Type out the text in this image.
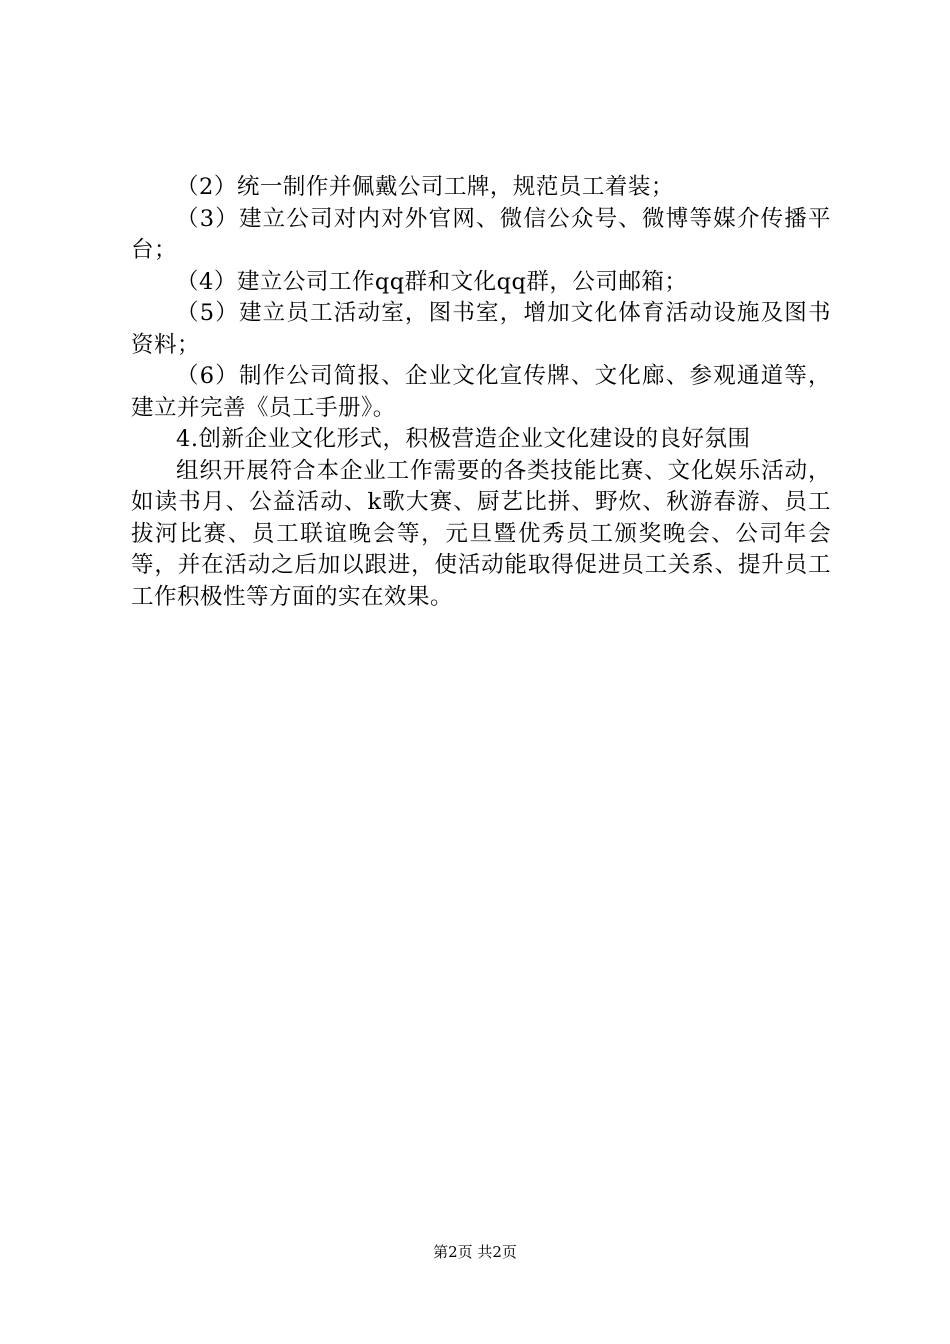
（2）统一制作并佩戴公司工牌，规范员工着装；

（3）建立公司对内对外官网、微信公众号、微博等媒介传播平台；

（4）建立公司工作qq群和文化qq群，公司邮箱；

（5）建立员工活动室，图书室，增加文化体育活动设施及图书资料；

（6）制作公司简报、企业文化宣传牌、文化廊、参观通道等，建立并完善《员工手册》。

4.创新企业文化形式，积极营造企业文化建设的良好氛围

组织开展符合本企业工作需要的各类技能比赛、文化娱乐活动，如读书月、公益活动、k歌大赛、厨艺比拼、野炊、秋游春游、员工拔河比赛、员工联谊晚会等，元旦暨优秀员工颁奖晚会、公司年会等，并在活动之后加以跟进，使活动能取得促进员工关系、提升员工工作积极性等方面的实在效果。

第2页 共2页
